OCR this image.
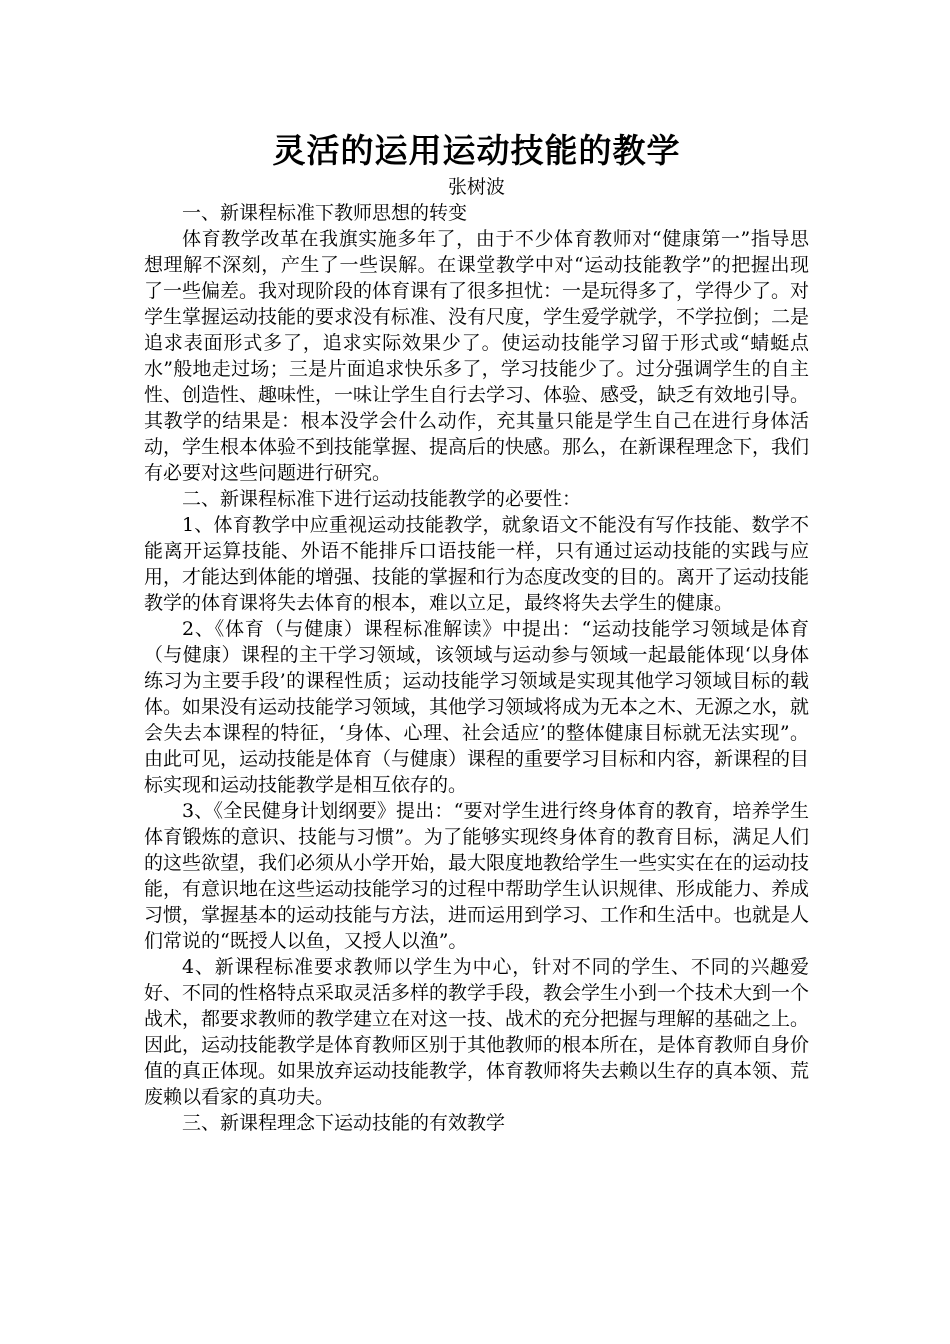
灵活的运用运动技能的教学

张树波

一、新课程标准下教师思想的转变

体育教学改革在我旗实施多年了，由于不少体育教师对“健康第一”指导思想理解不深刻，产生了一些误解。在课堂教学中对“运动技能教学”的把握出现了一些偏差。我对现阶段的体育课有了很多担忧：一是玩得多了，学得少了。对学生掌握运动技能的要求没有标准、没有尺度，学生爱学就学，不学拉倒；二是追求表面形式多了，追求实际效果少了。使运动技能学习留于形式或“蜻蜓点水”般地走过场；三是片面追求快乐多了，学习技能少了。过分强调学生的自主性、创造性、趣味性，一味让学生自行去学习、体验、感受，缺乏有效地引导。其教学的结果是：根本没学会什么动作，充其量只能是学生自己在进行身体活动，学生根本体验不到技能掌握、提高后的快感。那么，在新课程理念下，我们有必要对这些问题进行研究。

二、新课程标准下进行运动技能教学的必要性：

1、体育教学中应重视运动技能教学，就象语文不能没有写作技能、数学不能离开运算技能、外语不能排斥口语技能一样，只有通过运动技能的实践与应用，才能达到体能的增强、技能的掌握和行为态度改变的目的。离开了运动技能教学的体育课将失去体育的根本，难以立足，最终将失去学生的健康。

2、《体育（与健康）课程标准解读》中提出：“运动技能学习领域是体育（与健康）课程的主干学习领域，该领域与运动参与领域一起最能体现‘以身体练习为主要手段’的课程性质；运动技能学习领域是实现其他学习领域目标的载体。如果没有运动技能学习领域，其他学习领域将成为无本之木、无源之水，就会失去本课程的特征，‘身体、心理、社会适应’的整体健康目标就无法实现”。由此可见，运动技能是体育（与健康）课程的重要学习目标和内容，新课程的目标实现和运动技能教学是相互依存的。

3、《全民健身计划纲要》提出：“要对学生进行终身体育的教育，培养学生体育锻炼的意识、技能与习惯”。为了能够实现终身体育的教育目标，满足人们的这些欲望，我们必须从小学开始，最大限度地教给学生一些实实在在的运动技能，有意识地在这些运动技能学习的过程中帮助学生认识规律、形成能力、养成习惯，掌握基本的运动技能与方法，进而运用到学习、工作和生活中。也就是人们常说的“既授人以鱼，又授人以渔”。

4、新课程标准要求教师以学生为中心，针对不同的学生、不同的兴趣爱好、不同的性格特点采取灵活多样的教学手段，教会学生小到一个技术大到一个战术，都要求教师的教学建立在对这一技、战术的充分把握与理解的基础之上。因此，运动技能教学是体育教师区别于其他教师的根本所在，是体育教师自身价值的真正体现。如果放弃运动技能教学，体育教师将失去赖以生存的真本领、荒废赖以看家的真功夫。

三、新课程理念下运动技能的有效教学
